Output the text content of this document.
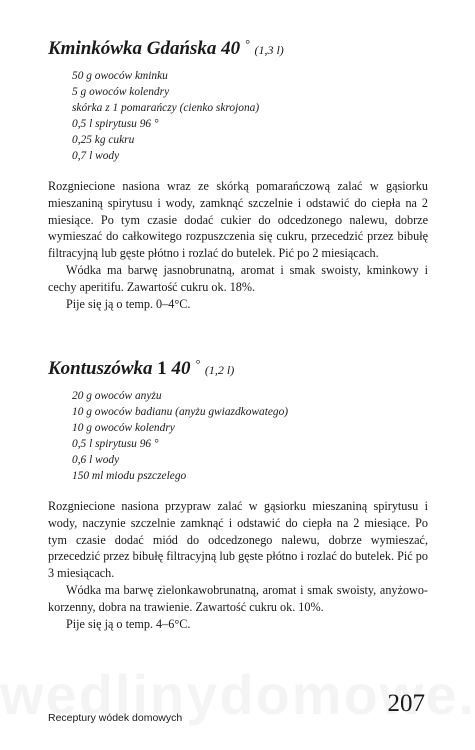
Kminkówka Gdańska 40 ° (1,3 l)
50 g owoców kminku
5 g owoców kolendry
skórka z 1 pomarańczy (cienko skrojona)
0,5 l spirytusu 96 °
0,25 kg cukru
0,7 l wody

Rozgniecione nasiona wraz ze skórką pomarańczową zalać w gąsiorku mieszaniną spirytusu i wody, zamknąć szczelnie i odstawić do ciepła na 2 miesiące. Po tym czasie dodać cukier do odcedzonego nalewu, dobrze wymieszać do całkowitego rozpuszczenia się cukru, przecedzić przez bibułę filtracyjną lub gęste płótno i rozlać do butelek. Pić po 2 miesiącach.

Wódka ma barwę jasnobrunatną, aromat i smak swoisty, kminkowy i cechy aperitifu. Zawartość cukru ok. 18%.

Pije się ją o temp. 0–4°C.

Kontuszówka 1 40 ° (1,2 l)
20 g owoców anyżu
10 g owoców badianu (anyżu gwiazdkowatego)
10 g owoców kolendry
0,5 l spirytusu 96 °
0,6 l wody
150 ml miodu pszczelego

Rozgniecione nasiona przypraw zalać w gąsiorku mieszaniną spirytusu i wody, naczynie szczelnie zamknąć i odstawić do ciepła na 2 miesiące. Po tym czasie dodać miód do odcedzonego nalewu, dobrze wymieszać, przecedzić przez bibułę filtracyjną lub gęste płótno i rozlać do butelek. Pić po 3 miesiącach.

Wódka ma barwę zielonkawobrunatną, aromat i smak swoisty, anyżowo-korzenny, dobra na trawienie. Zawartość cukru ok. 10%.

Pije się ją o temp. 4–6°C.

Receptury wódek domowych
207
